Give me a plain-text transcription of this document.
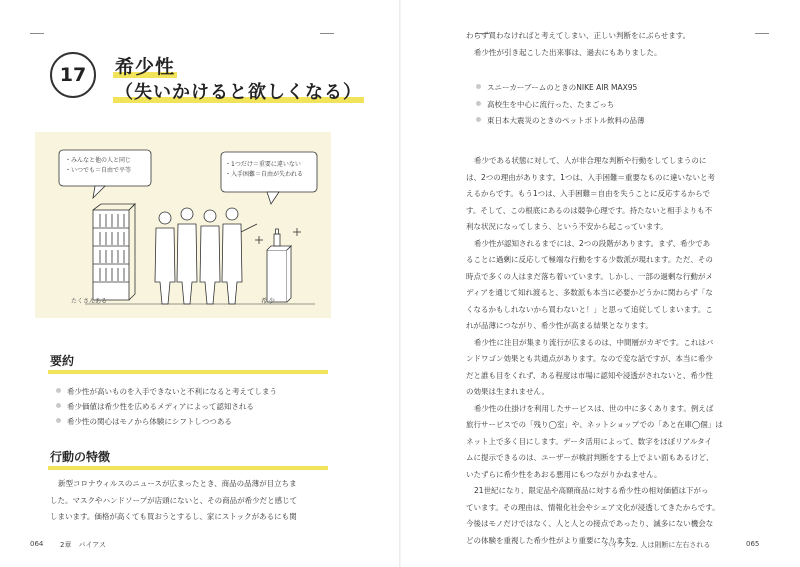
17 希少性
（失いかけると欲しくなる）
・みんなと他の人と同じ
・いつでも＝自由で平等
・1つだけ＝重要に違いない
・入手困難＝自由が失われる
たくさんある	希 少
要約
希少性が高いものを入手できないと不利になると考えてしまう
希少価値は希少性を広めるメディアによって認知される
希少性の関心はモノから体験にシフトしつつある
行動の特徴
新型コロナウィルスのニュースが広まったとき、商品の品薄が目立ちま
した。マスクやハンドソープが店頭にないと、その商品が希少だと感じて
しまいます。価格が高くても買おうとするし、家にストックがあるにも関
064 2章　バイアス
わらず買わなければと考えてしまい、正しい判断をにぶらせます。
希少性が引き起こした出来事は、過去にもありました。
スニーカーブームのときのNIKE AIR MAX95
高校生を中心に流行った、たまごっち
東日本大震災のときのペットボトル飲料の品薄
希少である状態に対して、人が非合理な判断や行動をしてしまうのに
は、2つの理由があります。1つは、入手困難＝重要なものに違いないと考
えるからです。もう1つは、入手困難＝自由を失うことに反応するからで
す。そして、この根底にあるのは競争心理です。持たないと相手よりも不
利な状況になってしまう、という不安から起こっています。
希少性が認知されるまでには、2つの段階があります。まず、希少であ
ることに過剰に反応して極端な行動をする少数派が現れます。ただ、その
時点で多くの人はまだ落ち着いています。しかし、一部の過剰な行動がメ
ディアを通じて知れ渡ると、多数派も本当に必要かどうかに関わらず「な
くなるかもしれないから買わないと！」と思って追従してしまいます。こ
れが品薄につながり、希少性が高まる結果となります。
希少性に注目が集まり流行が広まるのは、中間層がカギです。これはバ
ンドワゴン効果とも共通点があります。なので変な話ですが、本当に希少
だと誰も目をくれず、ある程度は市場に認知や浸透がされないと、希少性
の効果は生まれません。
希少性の仕掛けを利用したサービスは、世の中に多くあります。例えば
旅行サービスでの「残り◯室」や、ネットショップでの「あと在庫◯個」は
ネット上で多く目にします。データ活用によって、数字をほぼリアルタイ
ムに提示できるのは、ユーザーが検討判断をする上でよい面もあるけど、
いたずらに希少性をあおる悪用にもつながりかねません。
21世紀になり、限定品や高額商品に対する希少性の相対価値は下がっ
ています。その理由は、情報化社会やシェア文化が浸透してきたからです。
今後はモノだけではなく、人と人との接点であったり、滅多にない機会な
どの体験を重視した希少性がより重要になります。
バイアス2. 人は則断に左右される	065
